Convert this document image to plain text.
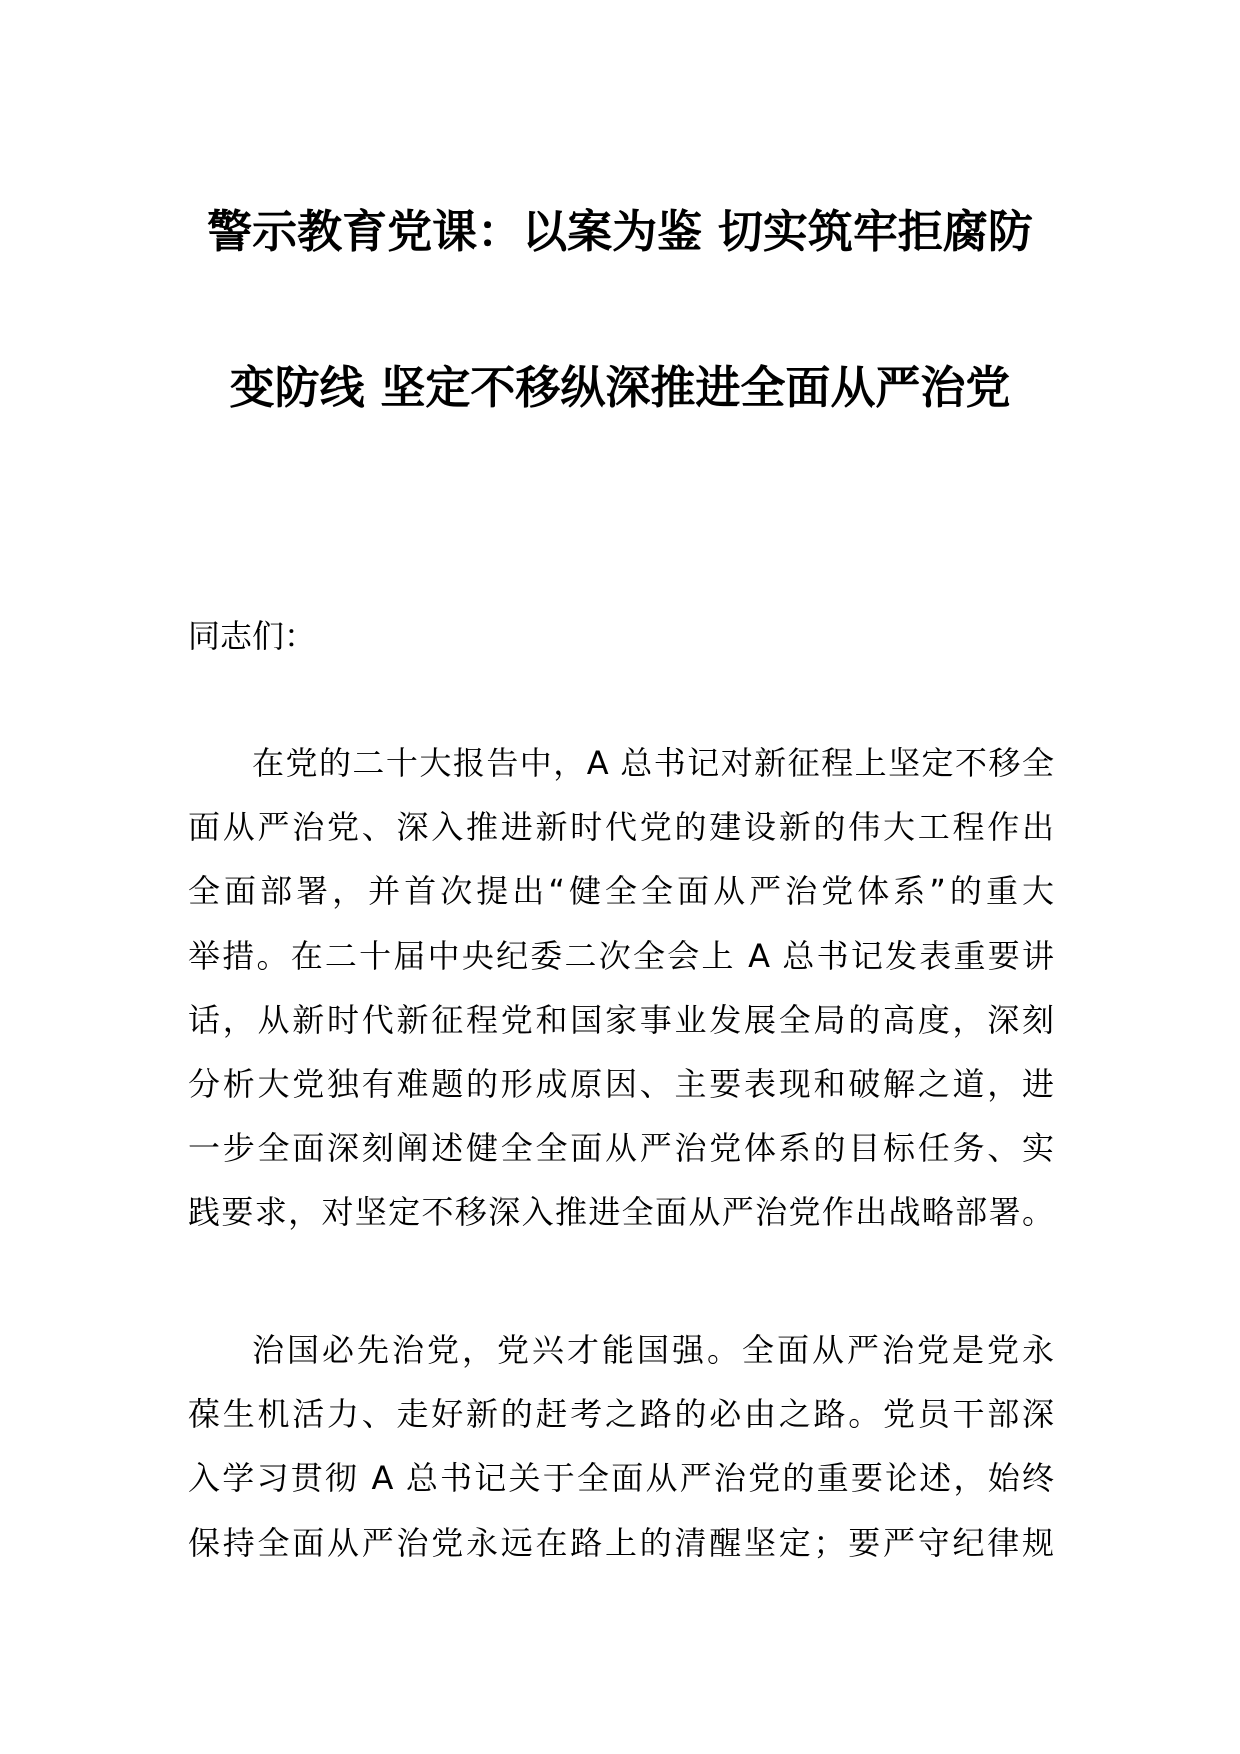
警示教育党课：以案为鉴 切实筑牢拒腐防
变防线 坚定不移纵深推进全面从严治党
同志们：
在党的二十大报告中，A 总书记对新征程上坚定不移全
面从严治党、深入推进新时代党的建设新的伟大工程作出
全面部署，并首次提出“健全全面从严治党体系”的重大
举措。在二十届中央纪委二次全会上 A 总书记发表重要讲
话，从新时代新征程党和国家事业发展全局的高度，深刻
分析大党独有难题的形成原因、主要表现和破解之道，进
一步全面深刻阐述健全全面从严治党体系的目标任务、实
践要求，对坚定不移深入推进全面从严治党作出战略部署。
治国必先治党，党兴才能国强。全面从严治党是党永
葆生机活力、走好新的赶考之路的必由之路。党员干部深
入学习贯彻 A 总书记关于全面从严治党的重要论述，始终
保持全面从严治党永远在路上的清醒坚定；要严守纪律规
